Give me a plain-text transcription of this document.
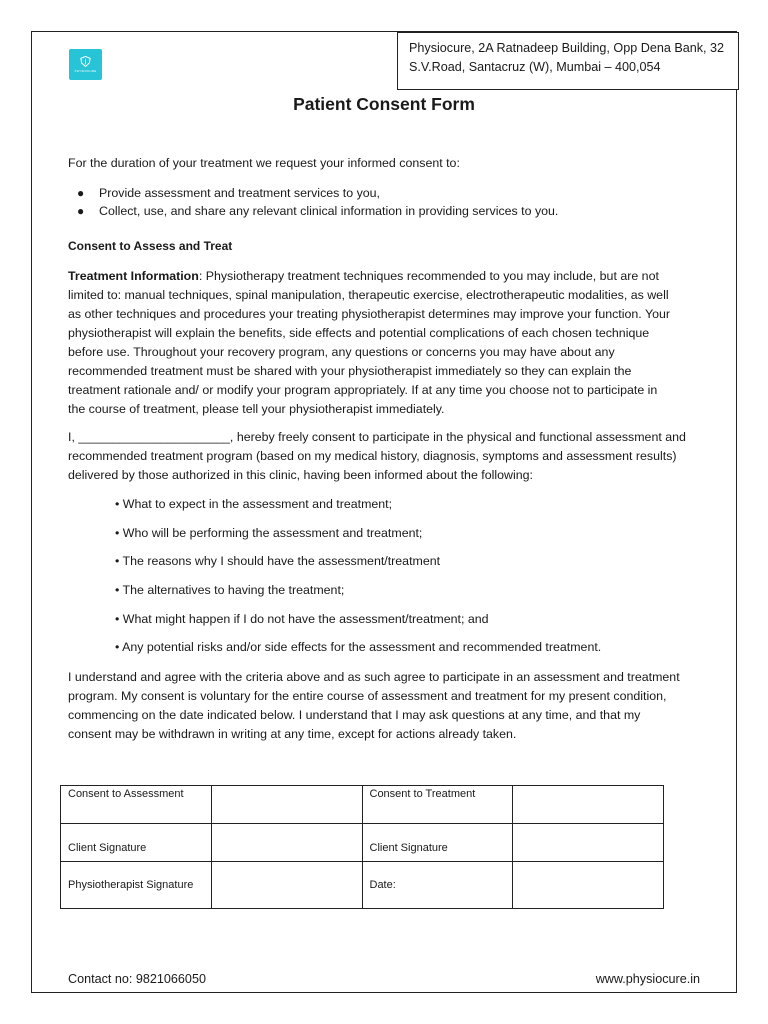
PHYSIOCURE
Physiocure, 2A Ratnadeep Building, Opp Dena Bank, 32
S.V.Road, Santacruz (W), Mumbai – 400,054
Patient Consent Form
For the duration of your treatment we request your informed consent to:
● Provide assessment and treatment services to you,
● Collect, use, and share any relevant clinical information in providing services to you.
Consent to Assess and Treat
Treatment Information: Physiotherapy treatment techniques recommended to you may include, but are not
limited to: manual techniques, spinal manipulation, therapeutic exercise, electrotherapeutic modalities, as well
as other techniques and procedures your treating physiotherapist determines may improve your function. Your
physiotherapist will explain the benefits, side effects and potential complications of each chosen technique
before use. Throughout your recovery program, any questions or concerns you may have about any
recommended treatment must be shared with your physiotherapist immediately so they can explain the
treatment rationale and/ or modify your program appropriately. If at any time you choose not to participate in
the course of treatment, please tell your physiotherapist immediately.
I, ______________________, hereby freely consent to participate in the physical and functional assessment and
recommended treatment program (based on my medical history, diagnosis, symptoms and assessment results)
delivered by those authorized in this clinic, having been informed about the following:
• What to expect in the assessment and treatment;
• Who will be performing the assessment and treatment;
• The reasons why I should have the assessment/treatment
• The alternatives to having the treatment;
• What might happen if I do not have the assessment/treatment; and
• Any potential risks and/or side effects for the assessment and recommended treatment.
I understand and agree with the criteria above and as such agree to participate in an assessment and treatment
program. My consent is voluntary for the entire course of assessment and treatment for my present condition,
commencing on the date indicated below. I understand that I may ask questions at any time, and that my
consent may be withdrawn in writing at any time, except for actions already taken.
Consent to Assessment		Consent to Treatment	
Client Signature		Client Signature	
Physiotherapist Signature		Date:	
Contact no: 9821066050	www.physiocure.in
